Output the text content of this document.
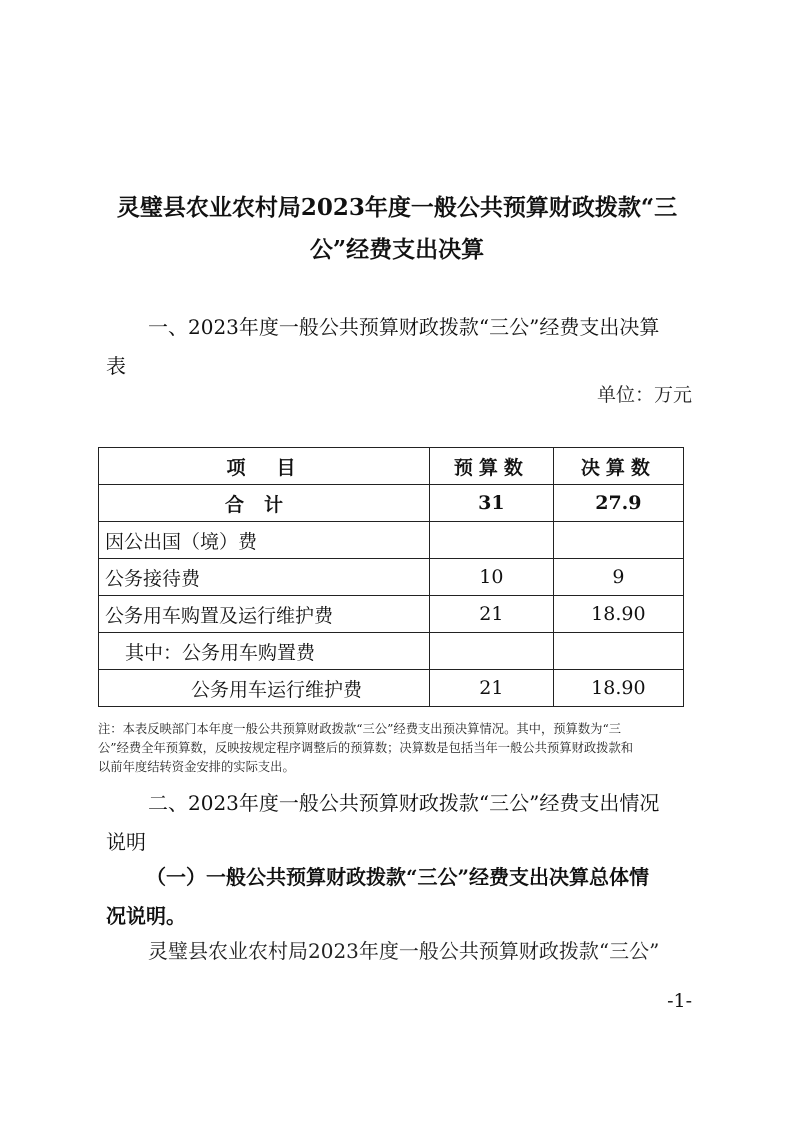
灵璧县农业农村局2023年度一般公共预算财政拨款“三
公”经费支出决算
一、2023年度一般公共预算财政拨款“三公”经费支出决算
表
单位：万元
项　目	预算数	决算数
合计	31	27.9
因公出国（境）费		
公务接待费	10	9
公务用车购置及运行维护费	21	18.90
其中：公务用车购置费		
公务用车运行维护费	21	18.90
注：本表反映部门本年度一般公共预算财政拨款“三公”经费支出预决算情况。其中，预算数为“三
公”经费全年预算数，反映按规定程序调整后的预算数；决算数是包括当年一般公共预算财政拨款和
以前年度结转资金安排的实际支出。
二、2023年度一般公共预算财政拨款“三公”经费支出情况
说明
（一）一般公共预算财政拨款“三公”经费支出决算总体情
况说明。
灵璧县农业农村局2023年度一般公共预算财政拨款“三公”
-1-
